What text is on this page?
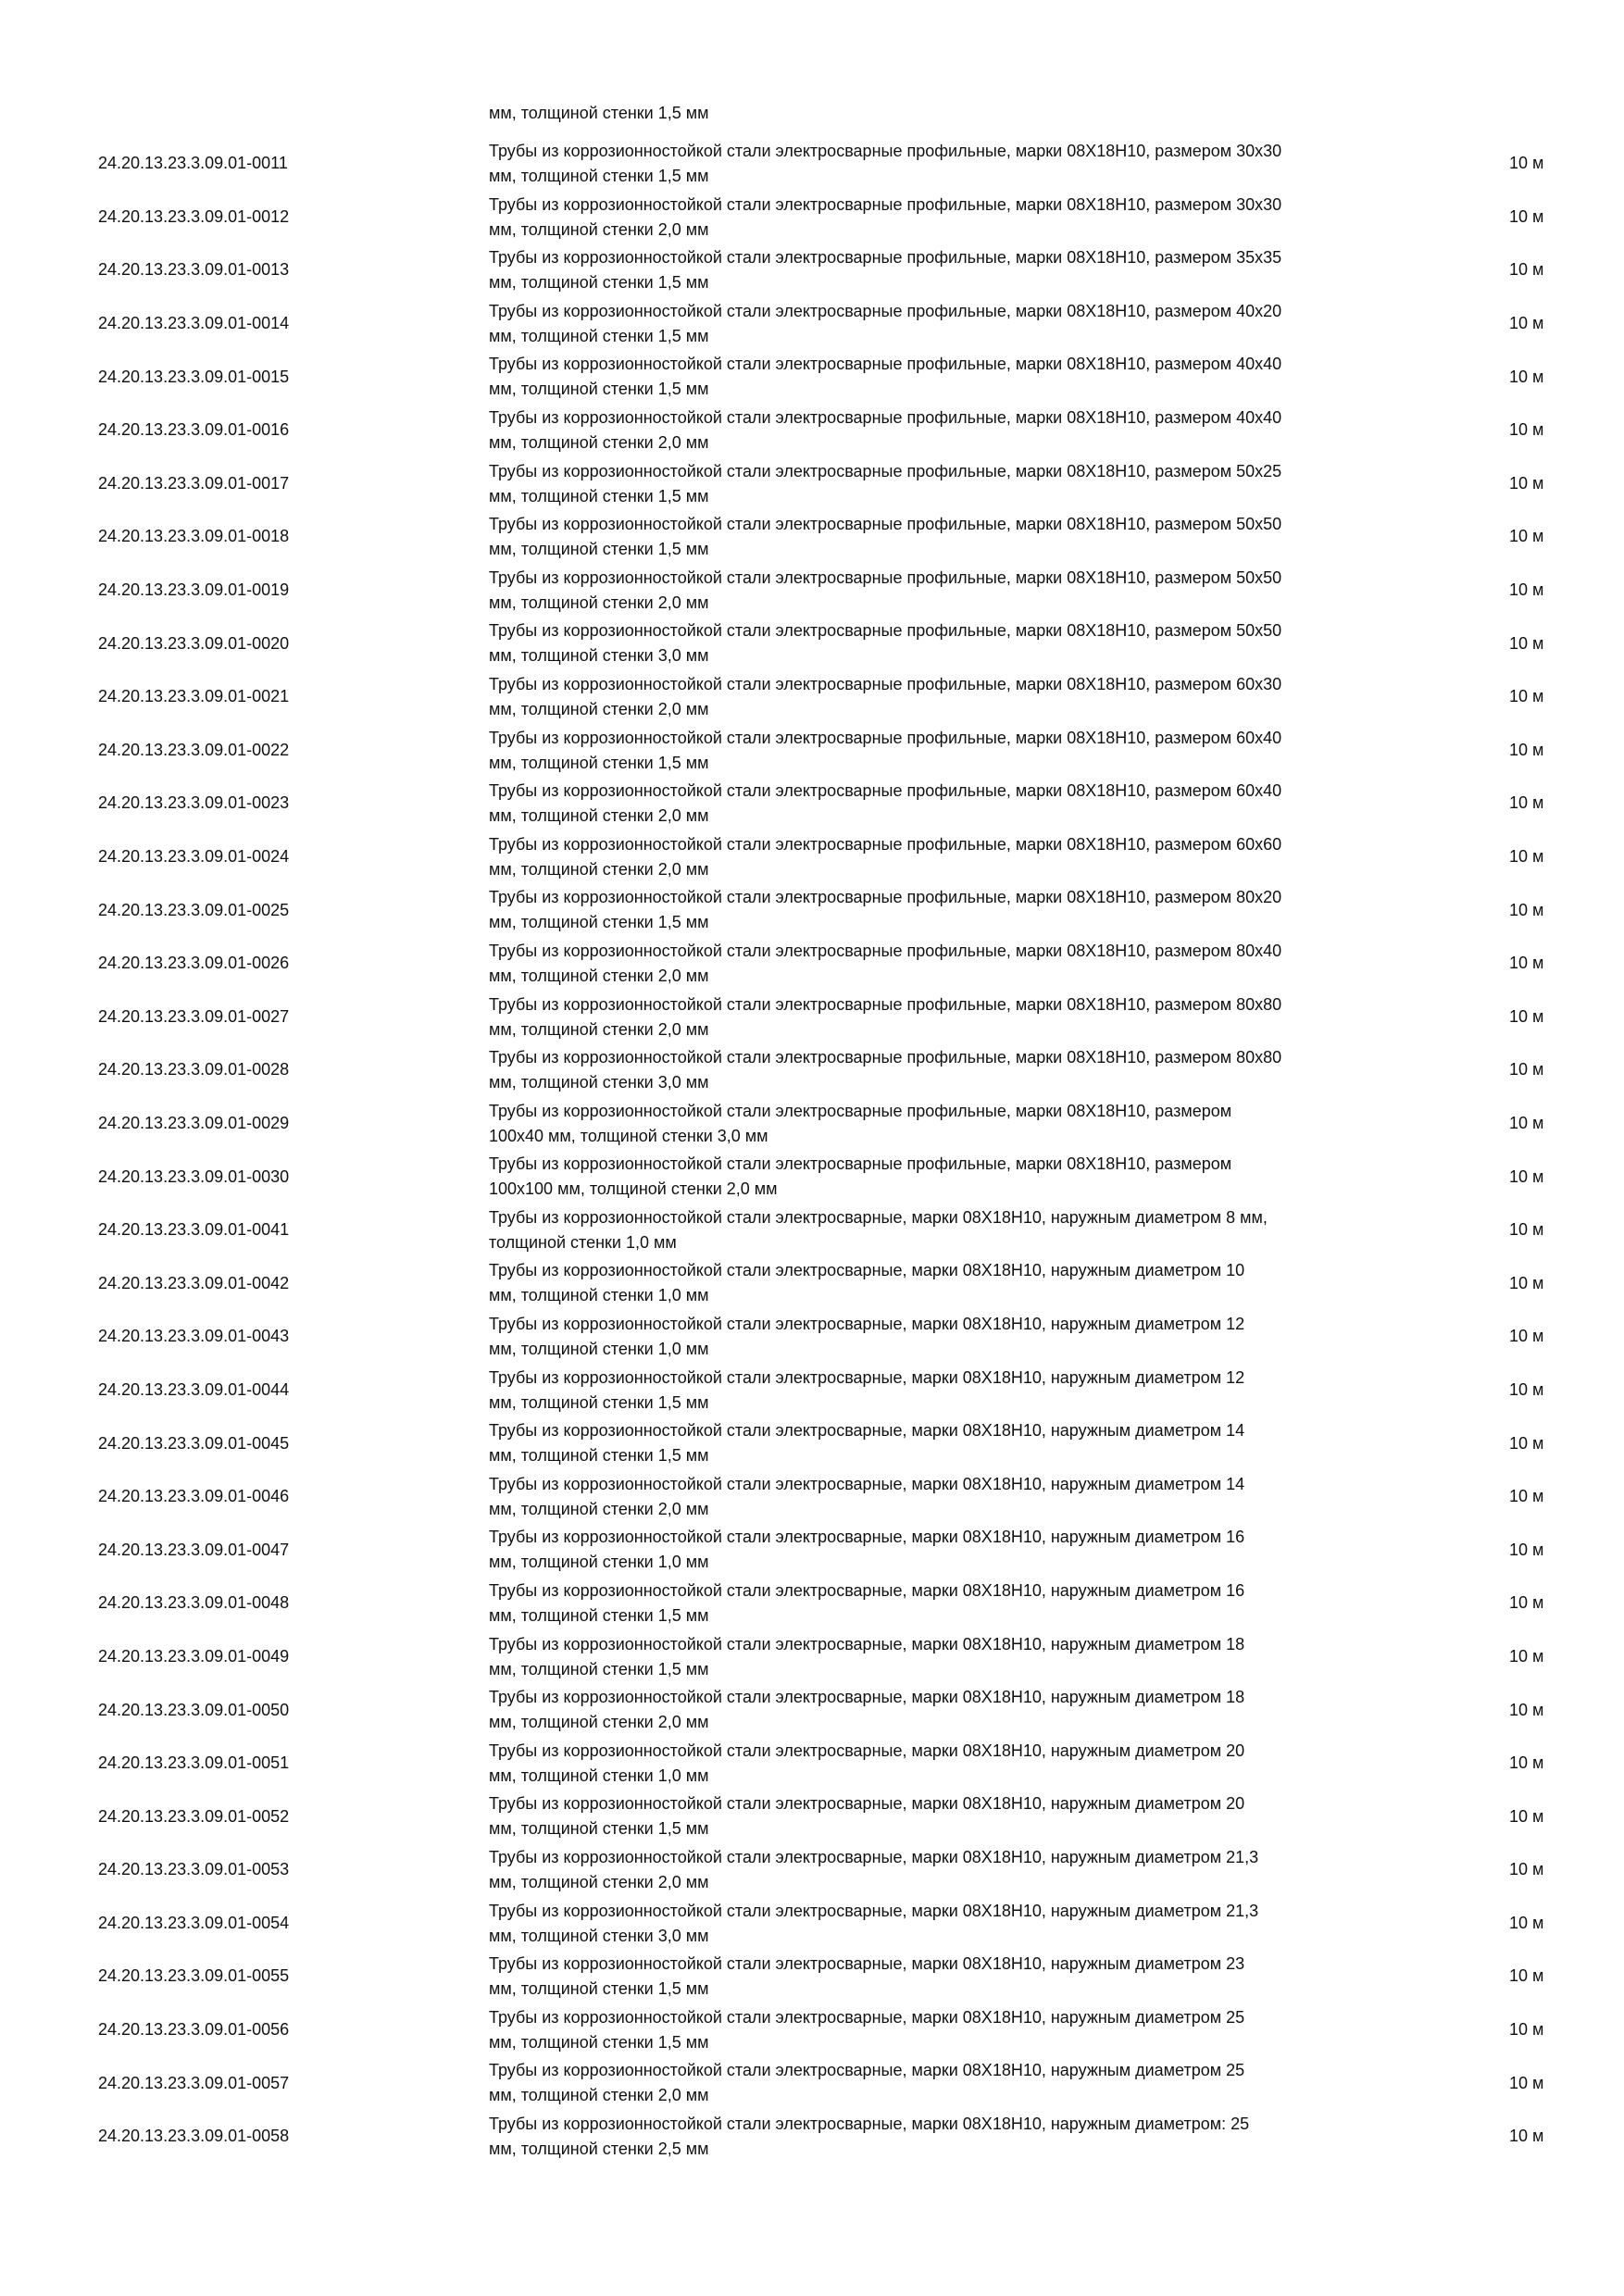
мм, толщиной стенки 1,5 мм
24.20.13.23.3.09.01-0011
Трубы из коррозионностойкой стали электросварные профильные, марки 08Х18Н10, размером 30x30
мм, толщиной стенки 1,5 мм
10 м
24.20.13.23.3.09.01-0012
Трубы из коррозионностойкой стали электросварные профильные, марки 08Х18Н10, размером 30x30
мм, толщиной стенки 2,0 мм
10 м
24.20.13.23.3.09.01-0013
Трубы из коррозионностойкой стали электросварные профильные, марки 08Х18Н10, размером 35x35
мм, толщиной стенки 1,5 мм
10 м
24.20.13.23.3.09.01-0014
Трубы из коррозионностойкой стали электросварные профильные, марки 08Х18Н10, размером 40x20
мм, толщиной стенки 1,5 мм
10 м
24.20.13.23.3.09.01-0015
Трубы из коррозионностойкой стали электросварные профильные, марки 08Х18Н10, размером 40x40
мм, толщиной стенки 1,5 мм
10 м
24.20.13.23.3.09.01-0016
Трубы из коррозионностойкой стали электросварные профильные, марки 08Х18Н10, размером 40x40
мм, толщиной стенки 2,0 мм
10 м
24.20.13.23.3.09.01-0017
Трубы из коррозионностойкой стали электросварные профильные, марки 08Х18Н10, размером 50x25
мм, толщиной стенки 1,5 мм
10 м
24.20.13.23.3.09.01-0018
Трубы из коррозионностойкой стали электросварные профильные, марки 08Х18Н10, размером 50x50
мм, толщиной стенки 1,5 мм
10 м
24.20.13.23.3.09.01-0019
Трубы из коррозионностойкой стали электросварные профильные, марки 08Х18Н10, размером 50x50
мм, толщиной стенки 2,0 мм
10 м
24.20.13.23.3.09.01-0020
Трубы из коррозионностойкой стали электросварные профильные, марки 08Х18Н10, размером 50x50
мм, толщиной стенки 3,0 мм
10 м
24.20.13.23.3.09.01-0021
Трубы из коррозионностойкой стали электросварные профильные, марки 08Х18Н10, размером 60x30
мм, толщиной стенки 2,0 мм
10 м
24.20.13.23.3.09.01-0022
Трубы из коррозионностойкой стали электросварные профильные, марки 08Х18Н10, размером 60x40
мм, толщиной стенки 1,5 мм
10 м
24.20.13.23.3.09.01-0023
Трубы из коррозионностойкой стали электросварные профильные, марки 08Х18Н10, размером 60x40
мм, толщиной стенки 2,0 мм
10 м
24.20.13.23.3.09.01-0024
Трубы из коррозионностойкой стали электросварные профильные, марки 08Х18Н10, размером 60x60
мм, толщиной стенки 2,0 мм
10 м
24.20.13.23.3.09.01-0025
Трубы из коррозионностойкой стали электросварные профильные, марки 08Х18Н10, размером 80x20
мм, толщиной стенки 1,5 мм
10 м
24.20.13.23.3.09.01-0026
Трубы из коррозионностойкой стали электросварные профильные, марки 08Х18Н10, размером 80x40
мм, толщиной стенки 2,0 мм
10 м
24.20.13.23.3.09.01-0027
Трубы из коррозионностойкой стали электросварные профильные, марки 08Х18Н10, размером 80x80
мм, толщиной стенки 2,0 мм
10 м
24.20.13.23.3.09.01-0028
Трубы из коррозионностойкой стали электросварные профильные, марки 08Х18Н10, размером 80x80
мм, толщиной стенки 3,0 мм
10 м
24.20.13.23.3.09.01-0029
Трубы из коррозионностойкой стали электросварные профильные, марки 08Х18Н10, размером
100x40 мм, толщиной стенки 3,0 мм
10 м
24.20.13.23.3.09.01-0030
Трубы из коррозионностойкой стали электросварные профильные, марки 08Х18Н10, размером
100x100 мм, толщиной стенки 2,0 мм
10 м
24.20.13.23.3.09.01-0041
Трубы из коррозионностойкой стали электросварные, марки 08Х18Н10, наружным диаметром 8 мм,
толщиной стенки 1,0 мм
10 м
24.20.13.23.3.09.01-0042
Трубы из коррозионностойкой стали электросварные, марки 08Х18Н10, наружным диаметром 10
мм, толщиной стенки 1,0 мм
10 м
24.20.13.23.3.09.01-0043
Трубы из коррозионностойкой стали электросварные, марки 08Х18Н10, наружным диаметром 12
мм, толщиной стенки 1,0 мм
10 м
24.20.13.23.3.09.01-0044
Трубы из коррозионностойкой стали электросварные, марки 08Х18Н10, наружным диаметром 12
мм, толщиной стенки 1,5 мм
10 м
24.20.13.23.3.09.01-0045
Трубы из коррозионностойкой стали электросварные, марки 08Х18Н10, наружным диаметром 14
мм, толщиной стенки 1,5 мм
10 м
24.20.13.23.3.09.01-0046
Трубы из коррозионностойкой стали электросварные, марки 08Х18Н10, наружным диаметром 14
мм, толщиной стенки 2,0 мм
10 м
24.20.13.23.3.09.01-0047
Трубы из коррозионностойкой стали электросварные, марки 08Х18Н10, наружным диаметром 16
мм, толщиной стенки 1,0 мм
10 м
24.20.13.23.3.09.01-0048
Трубы из коррозионностойкой стали электросварные, марки 08Х18Н10, наружным диаметром 16
мм, толщиной стенки 1,5 мм
10 м
24.20.13.23.3.09.01-0049
Трубы из коррозионностойкой стали электросварные, марки 08Х18Н10, наружным диаметром 18
мм, толщиной стенки 1,5 мм
10 м
24.20.13.23.3.09.01-0050
Трубы из коррозионностойкой стали электросварные, марки 08Х18Н10, наружным диаметром 18
мм, толщиной стенки 2,0 мм
10 м
24.20.13.23.3.09.01-0051
Трубы из коррозионностойкой стали электросварные, марки 08Х18Н10, наружным диаметром 20
мм, толщиной стенки 1,0 мм
10 м
24.20.13.23.3.09.01-0052
Трубы из коррозионностойкой стали электросварные, марки 08Х18Н10, наружным диаметром 20
мм, толщиной стенки 1,5 мм
10 м
24.20.13.23.3.09.01-0053
Трубы из коррозионностойкой стали электросварные, марки 08Х18Н10, наружным диаметром 21,3
мм, толщиной стенки 2,0 мм
10 м
24.20.13.23.3.09.01-0054
Трубы из коррозионностойкой стали электросварные, марки 08Х18Н10, наружным диаметром 21,3
мм, толщиной стенки 3,0 мм
10 м
24.20.13.23.3.09.01-0055
Трубы из коррозионностойкой стали электросварные, марки 08Х18Н10, наружным диаметром 23
мм, толщиной стенки 1,5 мм
10 м
24.20.13.23.3.09.01-0056
Трубы из коррозионностойкой стали электросварные, марки 08Х18Н10, наружным диаметром 25
мм, толщиной стенки 1,5 мм
10 м
24.20.13.23.3.09.01-0057
Трубы из коррозионностойкой стали электросварные, марки 08Х18Н10, наружным диаметром 25
мм, толщиной стенки 2,0 мм
10 м
24.20.13.23.3.09.01-0058
Трубы из коррозионностойкой стали электросварные, марки 08Х18Н10, наружным диаметром: 25
мм, толщиной стенки 2,5 мм
10 м
